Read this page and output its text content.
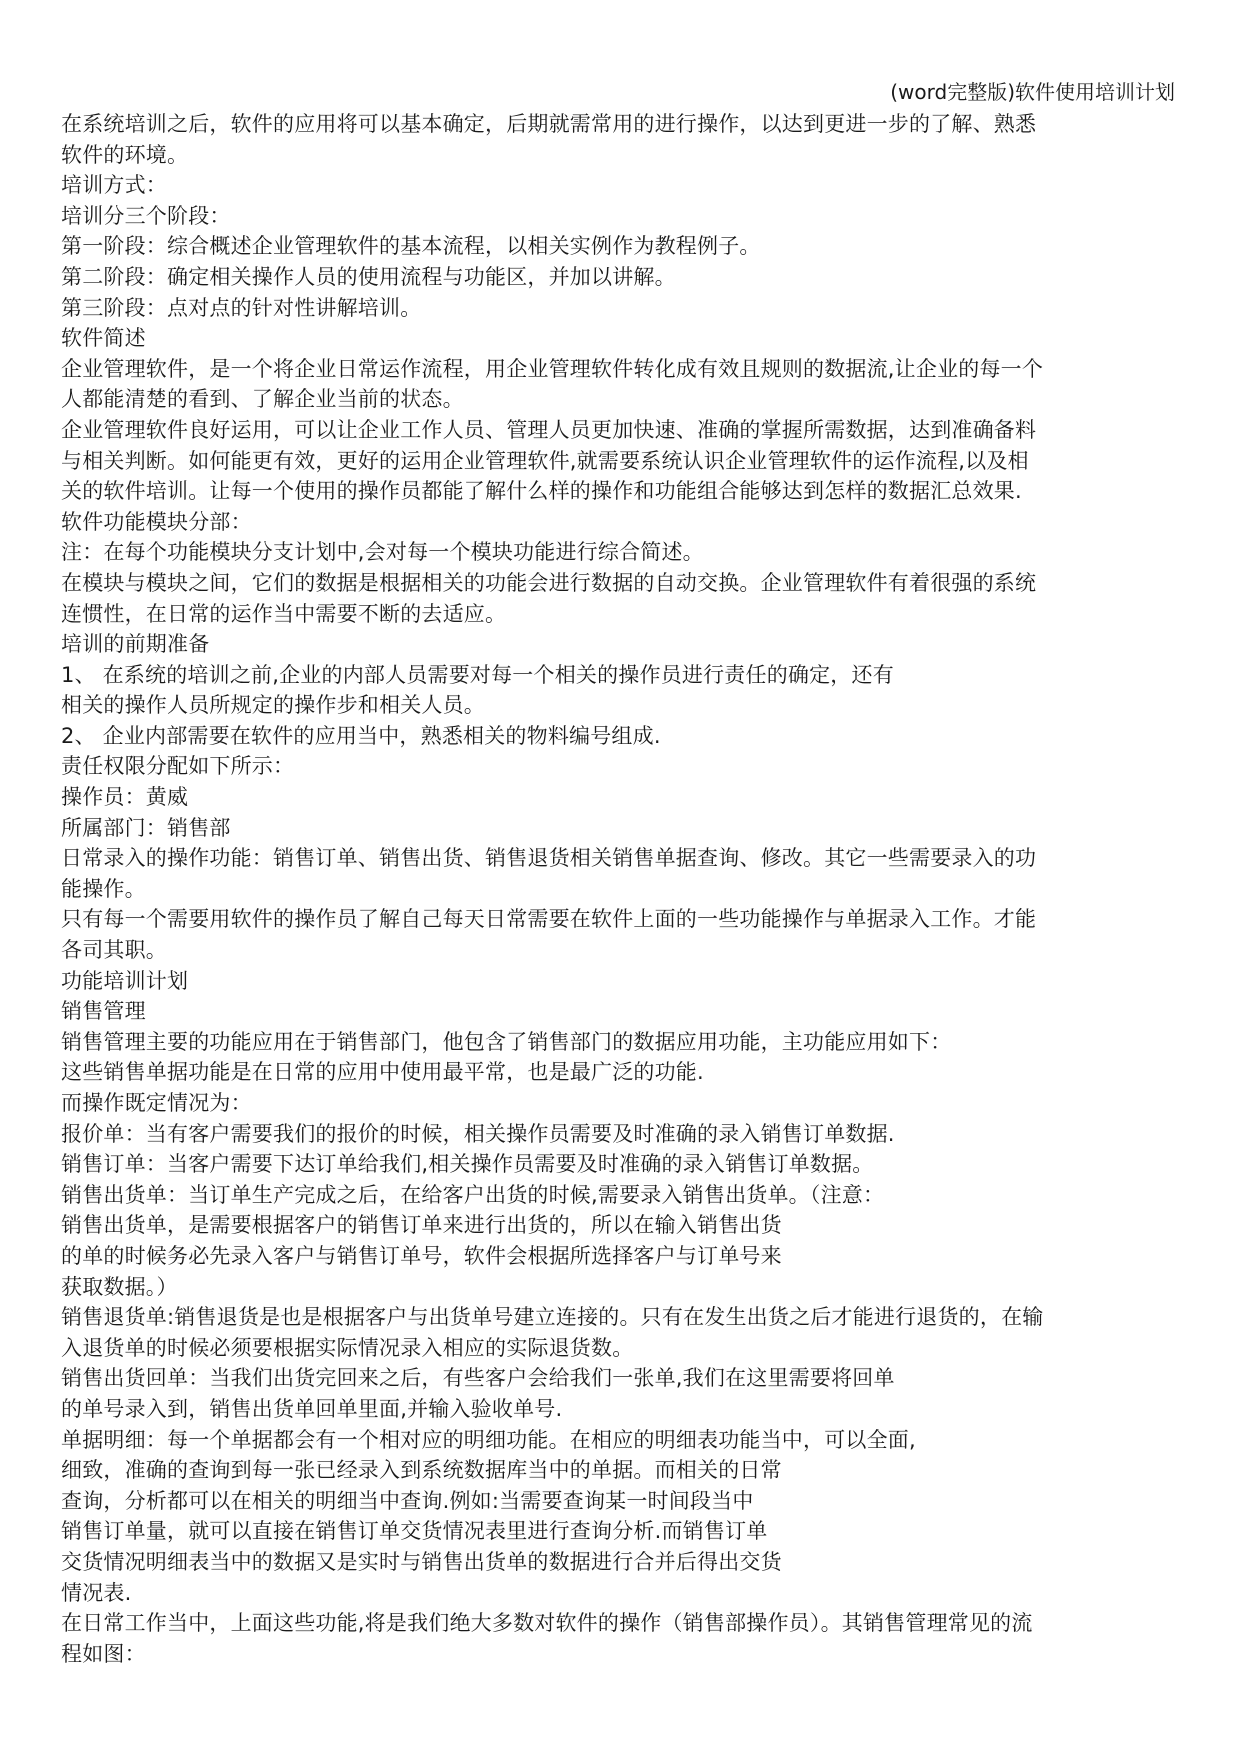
(word完整版)软件使用培训计划
在系统培训之后，软件的应用将可以基本确定，后期就需常用的进行操作，以达到更进一步的了解、熟悉
软件的环境。
培训方式：
培训分三个阶段：
第一阶段：综合概述企业管理软件的基本流程，以相关实例作为教程例子。
第二阶段：确定相关操作人员的使用流程与功能区，并加以讲解。
第三阶段：点对点的针对性讲解培训。
软件简述
企业管理软件，是一个将企业日常运作流程，用企业管理软件转化成有效且规则的数据流,让企业的每一个
人都能清楚的看到、了解企业当前的状态。
企业管理软件良好运用，可以让企业工作人员、管理人员更加快速、准确的掌握所需数据，达到准确备料
与相关判断。如何能更有效，更好的运用企业管理软件,就需要系统认识企业管理软件的运作流程,以及相
关的软件培训。让每一个使用的操作员都能了解什么样的操作和功能组合能够达到怎样的数据汇总效果.
软件功能模块分部：
注：在每个功能模块分支计划中,会对每一个模块功能进行综合简述。
在模块与模块之间，它们的数据是根据相关的功能会进行数据的自动交换。企业管理软件有着很强的系统
连惯性，在日常的运作当中需要不断的去适应。
培训的前期准备
1、 在系统的培训之前,企业的内部人员需要对每一个相关的操作员进行责任的确定，还有
相关的操作人员所规定的操作步和相关人员。
2、 企业内部需要在软件的应用当中，熟悉相关的物料编号组成.
责任权限分配如下所示：
操作员：黄威
所属部门：销售部
日常录入的操作功能：销售订单、销售出货、销售退货相关销售单据查询、修改。其它一些需要录入的功
能操作。
只有每一个需要用软件的操作员了解自己每天日常需要在软件上面的一些功能操作与单据录入工作。才能
各司其职。
功能培训计划
销售管理
销售管理主要的功能应用在于销售部门，他包含了销售部门的数据应用功能，主功能应用如下：
这些销售单据功能是在日常的应用中使用最平常，也是最广泛的功能.
而操作既定情况为：
报价单：当有客户需要我们的报价的时候，相关操作员需要及时准确的录入销售订单数据.
销售订单：当客户需要下达订单给我们,相关操作员需要及时准确的录入销售订单数据。
销售出货单：当订单生产完成之后，在给客户出货的时候,需要录入销售出货单。（注意：
销售出货单，是需要根据客户的销售订单来进行出货的，所以在输入销售出货
的单的时候务必先录入客户与销售订单号，软件会根据所选择客户与订单号来
获取数据。）
销售退货单:销售退货是也是根据客户与出货单号建立连接的。只有在发生出货之后才能进行退货的，在输
入退货单的时候必须要根据实际情况录入相应的实际退货数。
销售出货回单：当我们出货完回来之后，有些客户会给我们一张单,我们在这里需要将回单
的单号录入到，销售出货单回单里面,并输入验收单号.
单据明细：每一个单据都会有一个相对应的明细功能。在相应的明细表功能当中，可以全面,
细致，准确的查询到每一张已经录入到系统数据库当中的单据。而相关的日常
查询，分析都可以在相关的明细当中查询.例如:当需要查询某一时间段当中
销售订单量，就可以直接在销售订单交货情况表里进行查询分析.而销售订单
交货情况明细表当中的数据又是实时与销售出货单的数据进行合并后得出交货
情况表.
在日常工作当中，上面这些功能,将是我们绝大多数对软件的操作（销售部操作员）。其销售管理常见的流
程如图：
